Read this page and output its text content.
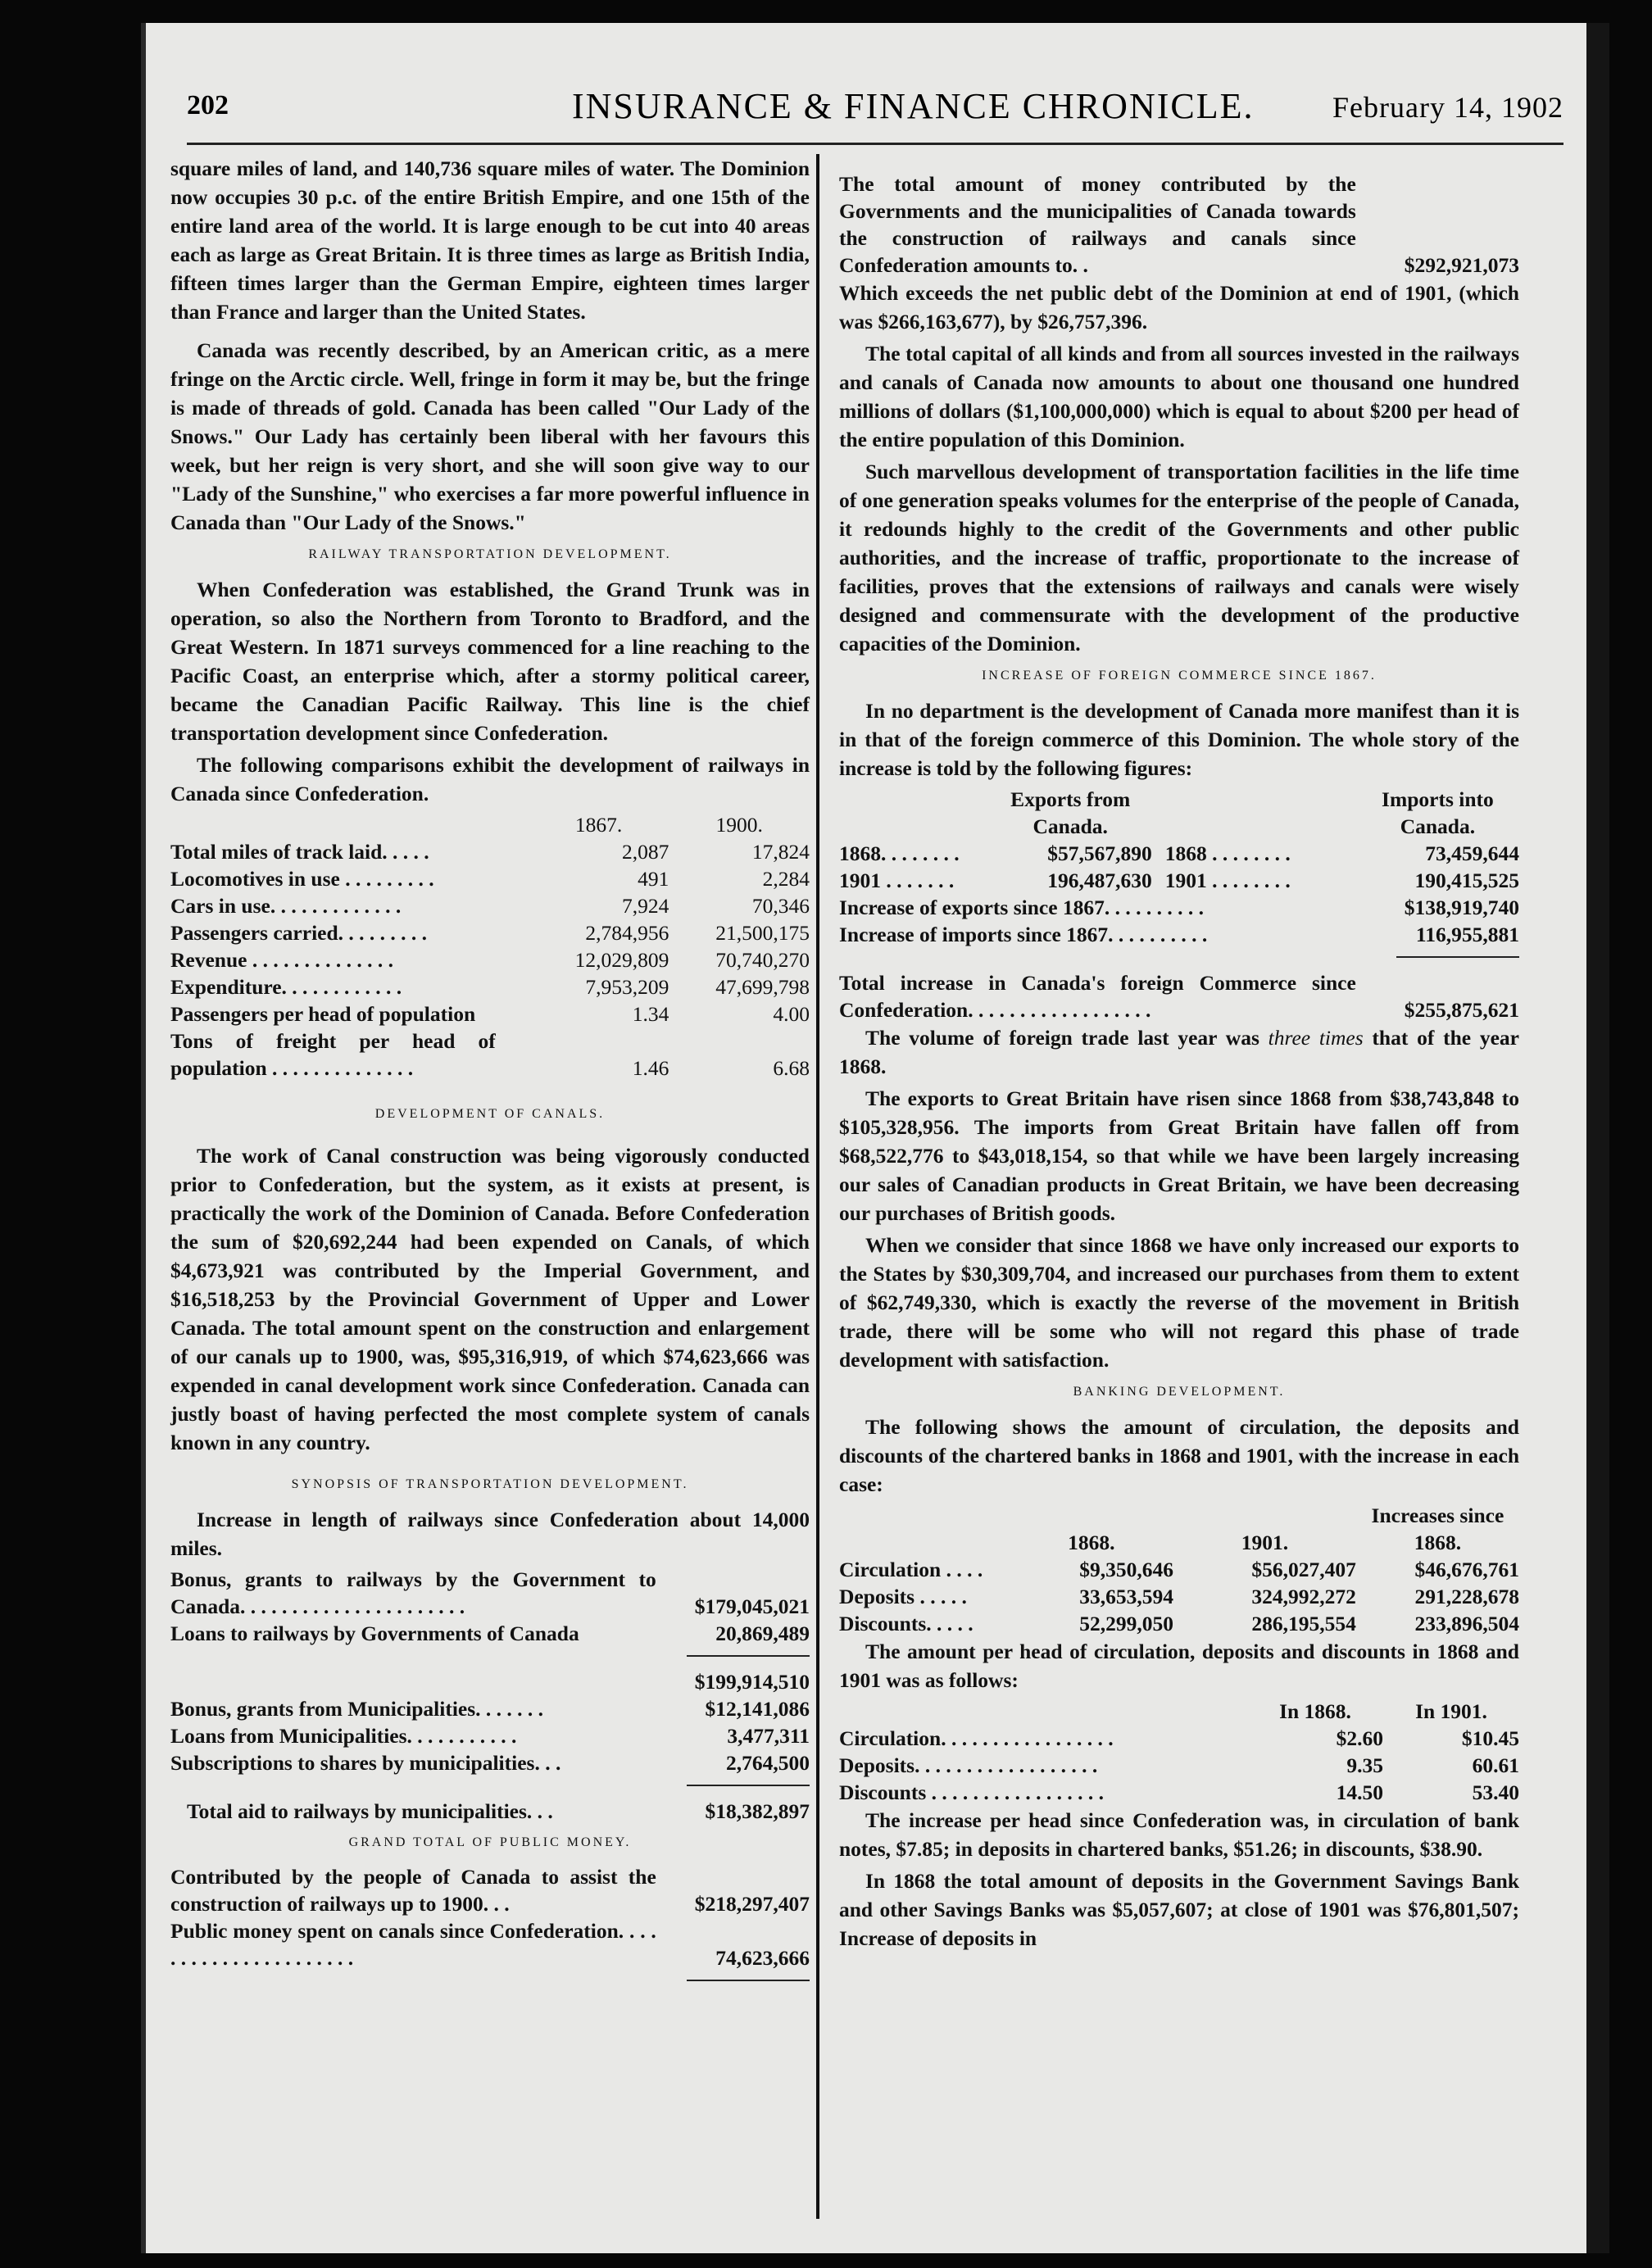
202	INSURANCE & FINANCE CHRONICLE.	February 14, 1902

square miles of land, and 140,736 square miles of water. The Dominion now occupies 30 p.c. of the entire British Empire, and one 15th of the entire land area of the world. It is large enough to be cut into 40 areas each as large as Great Britain. It is three times as large as British India, fifteen times larger than the German Empire, eighteen times larger than France and larger than the United States.

Canada was recently described, by an American critic, as a mere fringe on the Arctic circle. Well, fringe in form it may be, but the fringe is made of threads of gold. Canada has been called "Our Lady of the Snows." Our Lady has certainly been liberal with her favours this week, but her reign is very short, and she will soon give way to our "Lady of the Sunshine," who exercises a far more powerful influence in Canada than "Our Lady of the Snows."

RAILWAY TRANSPORTATION DEVELOPMENT.

When Confederation was established, the Grand Trunk was in operation, so also the Northern from Toronto to Bradford, and the Great Western. In 1871 surveys commenced for a line reaching to the Pacific Coast, an enterprise which, after a stormy political career, became the Canadian Pacific Railway. This line is the chief transportation development since Confederation.

The following comparisons exhibit the development of railways in Canada since Confederation.

	1867.	1900.
Total miles of track laid. . . . .	2,087	17,824
Locomotives in use . . . . . . . . .	491	2,284
Cars in use. . . . . . . . . . . . .	7,924	70,346
Passengers carried. . . . . . . . .	2,784,956	21,500,175
Revenue . . . . . . . . . . . . . .	12,029,809	70,740,270
Expenditure. . . . . . . . . . . .	7,953,209	47,699,798
Passengers per head of population	1.34	4.00
Tons of freight per head of population . . . . . . . . . . . . . .	1.46	6.68
DEVELOPMENT OF CANALS.

The work of Canal construction was being vigorously conducted prior to Confederation, but the system, as it exists at present, is practically the work of the Dominion of Canada. Before Confederation the sum of $20,692,244 had been expended on Canals, of which $4,673,921 was contributed by the Imperial Government, and $16,518,253 by the Provincial Government of Upper and Lower Canada. The total amount spent on the construction and enlargement of our canals up to 1900, was, $95,316,919, of which $74,623,666 was expended in canal development work since Confederation. Canada can justly boast of having perfected the most complete system of canals known in any country.

SYNOPSIS OF TRANSPORTATION DEVELOPMENT.

Increase in length of railways since Confederation about 14,000 miles.

Bonus, grants to railways by the Government to Canada. . . . . . . . . . . . . . . . . . . . . .	$179,045,021
Loans to railways by Governments of Canada	20,869,489
	$199,914,510
Bonus, grants from Municipalities. . . . . . .	$12,141,086
Loans from Municipalities. . . . . . . . . . .	3,477,311
Subscriptions to shares by municipalities. . .	2,764,500
Total aid to railways by municipalities. . .	$18,382,897
GRAND TOTAL OF PUBLIC MONEY.
Contributed by the people of Canada to assist the construction of railways up to 1900. . .	$218,297,407
Public money spent on canals since Confederation. . . . . . . . . . . . . . . . . . . . . .	74,623,666
The total amount of money contributed by the Governments and the municipalities of Canada towards the construction of railways and canals since Confederation amounts to. .	$292,921,073

Which exceeds the net public debt of the Dominion at end of 1901, (which was $266,163,677), by $26,757,396.

The total capital of all kinds and from all sources invested in the railways and canals of Canada now amounts to about one thousand one hundred millions of dollars ($1,100,000,000) which is equal to about $200 per head of the entire population of this Dominion.

Such marvellous development of transportation facilities in the life time of one generation speaks volumes for the enterprise of the people of Canada, it redounds highly to the credit of the Governments and other public authorities, and the increase of traffic, proportionate to the increase of facilities, proves that the extensions of railways and canals were wisely designed and commensurate with the development of the productive capacities of the Dominion.

INCREASE OF FOREIGN COMMERCE SINCE 1867.

In no department is the development of Canada more manifest than it is in that of the foreign commerce of this Dominion. The whole story of the increase is told by the following figures:

	Exports from Canada.		Imports into Canada.
1868. . . . . . . .	$57,567,890	1868 . . . . . . . .	73,459,644
1901 . . . . . . .	196,487,630	1901 . . . . . . . .	190,415,525
Increase of exports since 1867. . . . . . . . . .	$138,919,740
Increase of imports since 1867. . . . . . . . . .	116,955,881
Total increase in Canada's foreign Commerce since Confederation. . . . . . . . . . . . . . . . . .	$255,875,621

The volume of foreign trade last year was three times that of the year 1868.

The exports to Great Britain have risen since 1868 from $38,743,848 to $105,328,956. The imports from Great Britain have fallen off from $68,522,776 to $43,018,154, so that while we have been largely increasing our sales of Canadian products in Great Britain, we have been decreasing our purchases of British goods.

When we consider that since 1868 we have only increased our exports to the States by $30,309,704, and increased our purchases from them to extent of $62,749,330, which is exactly the reverse of the movement in British trade, there will be some who will not regard this phase of trade development with satisfaction.

BANKING DEVELOPMENT.

The following shows the amount of circulation, the deposits and discounts of the chartered banks in 1868 and 1901, with the increase in each case:

	1868.	1901.	Increases since 1868.
Circulation . . . .	$9,350,646	$56,027,407	$46,676,761
Deposits . . . . .	33,653,594	324,992,272	291,228,678
Discounts. . . . .	52,299,050	286,195,554	233,896,504

The amount per head of circulation, deposits and discounts in 1868 and 1901 was as follows:

	In 1868.	In 1901.
Circulation. . . . . . . . . . . . . . . . .	$2.60	$10.45
Deposits. . . . . . . . . . . . . . . . . .	9.35	60.61
Discounts . . . . . . . . . . . . . . . . .	14.50	53.40

The increase per head since Confederation was, in circulation of bank notes, $7.85; in deposits in chartered banks, $51.26; in discounts, $38.90.

In 1868 the total amount of deposits in the Government Savings Bank and other Savings Banks was $5,057,607; at close of 1901 was $76,801,507; Increase of deposits in
